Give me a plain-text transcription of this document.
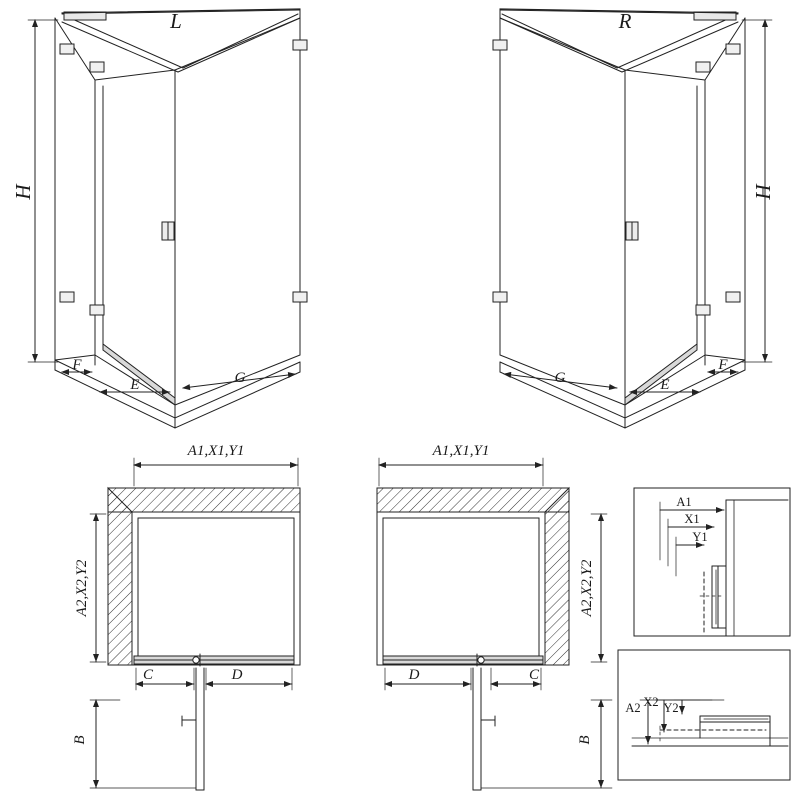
L	R
H	H
F
E	G
F
E
G
A1,X1,Y1	A1,X1,Y1
A2,X2,Y2	A2,X2,Y2
C	D	D	C
B	B
A1
X1
Y1
A2 X2 Y2
